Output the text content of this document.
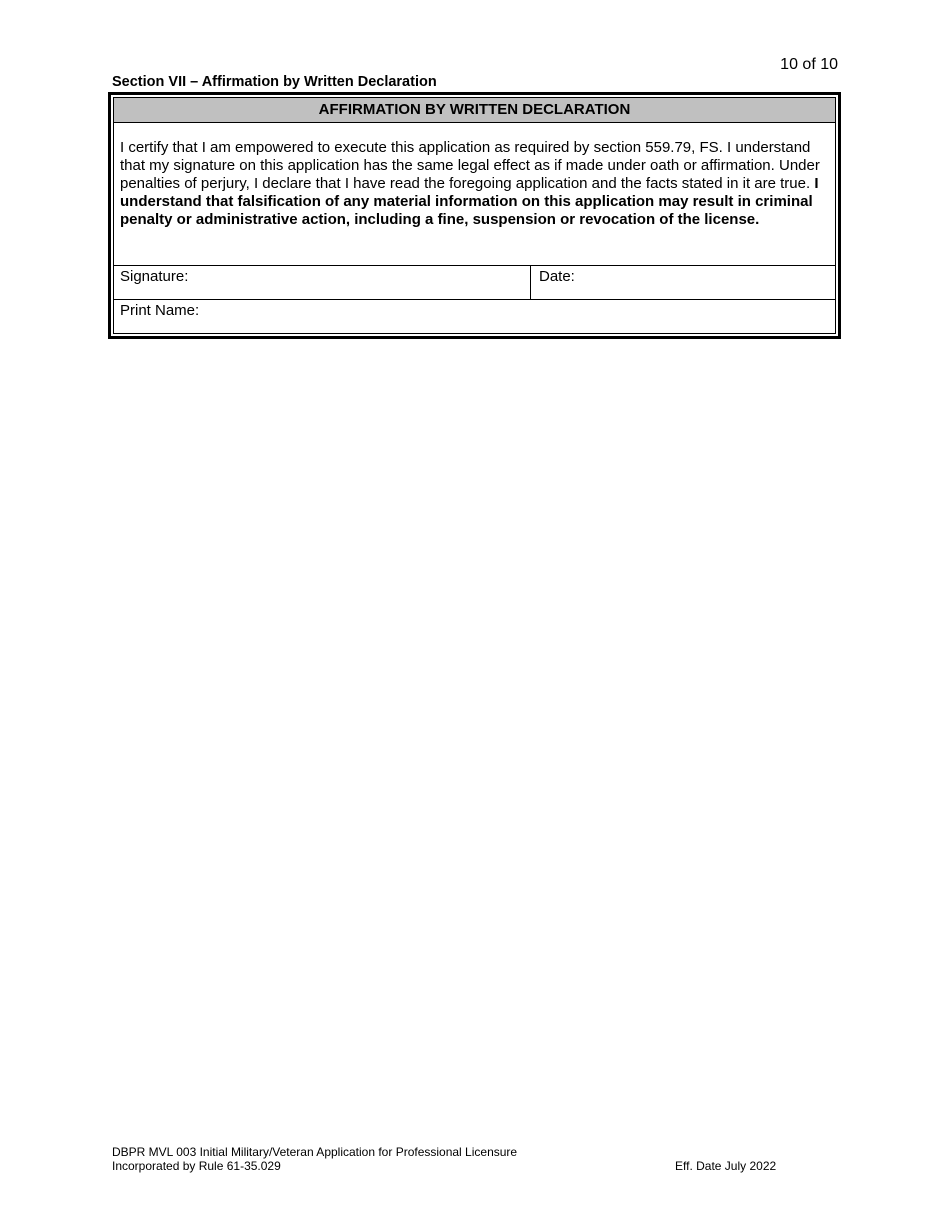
10 of 10
Section VII – Affirmation by Written Declaration
AFFIRMATION BY WRITTEN DECLARATION
I certify that I am empowered to execute this application as required by section 559.79, FS. I understand that my signature on this application has the same legal effect as if made under oath or affirmation. Under penalties of perjury, I declare that I have read the foregoing application and the facts stated in it are true. I understand that falsification of any material information on this application may result in criminal penalty or administrative action, including a fine, suspension or revocation of the license.
Signature:	Date:
Print Name:
DBPR MVL 003 Initial Military/Veteran Application for Professional Licensure
Incorporated by Rule 61-35.029	Eff. Date July 2022
